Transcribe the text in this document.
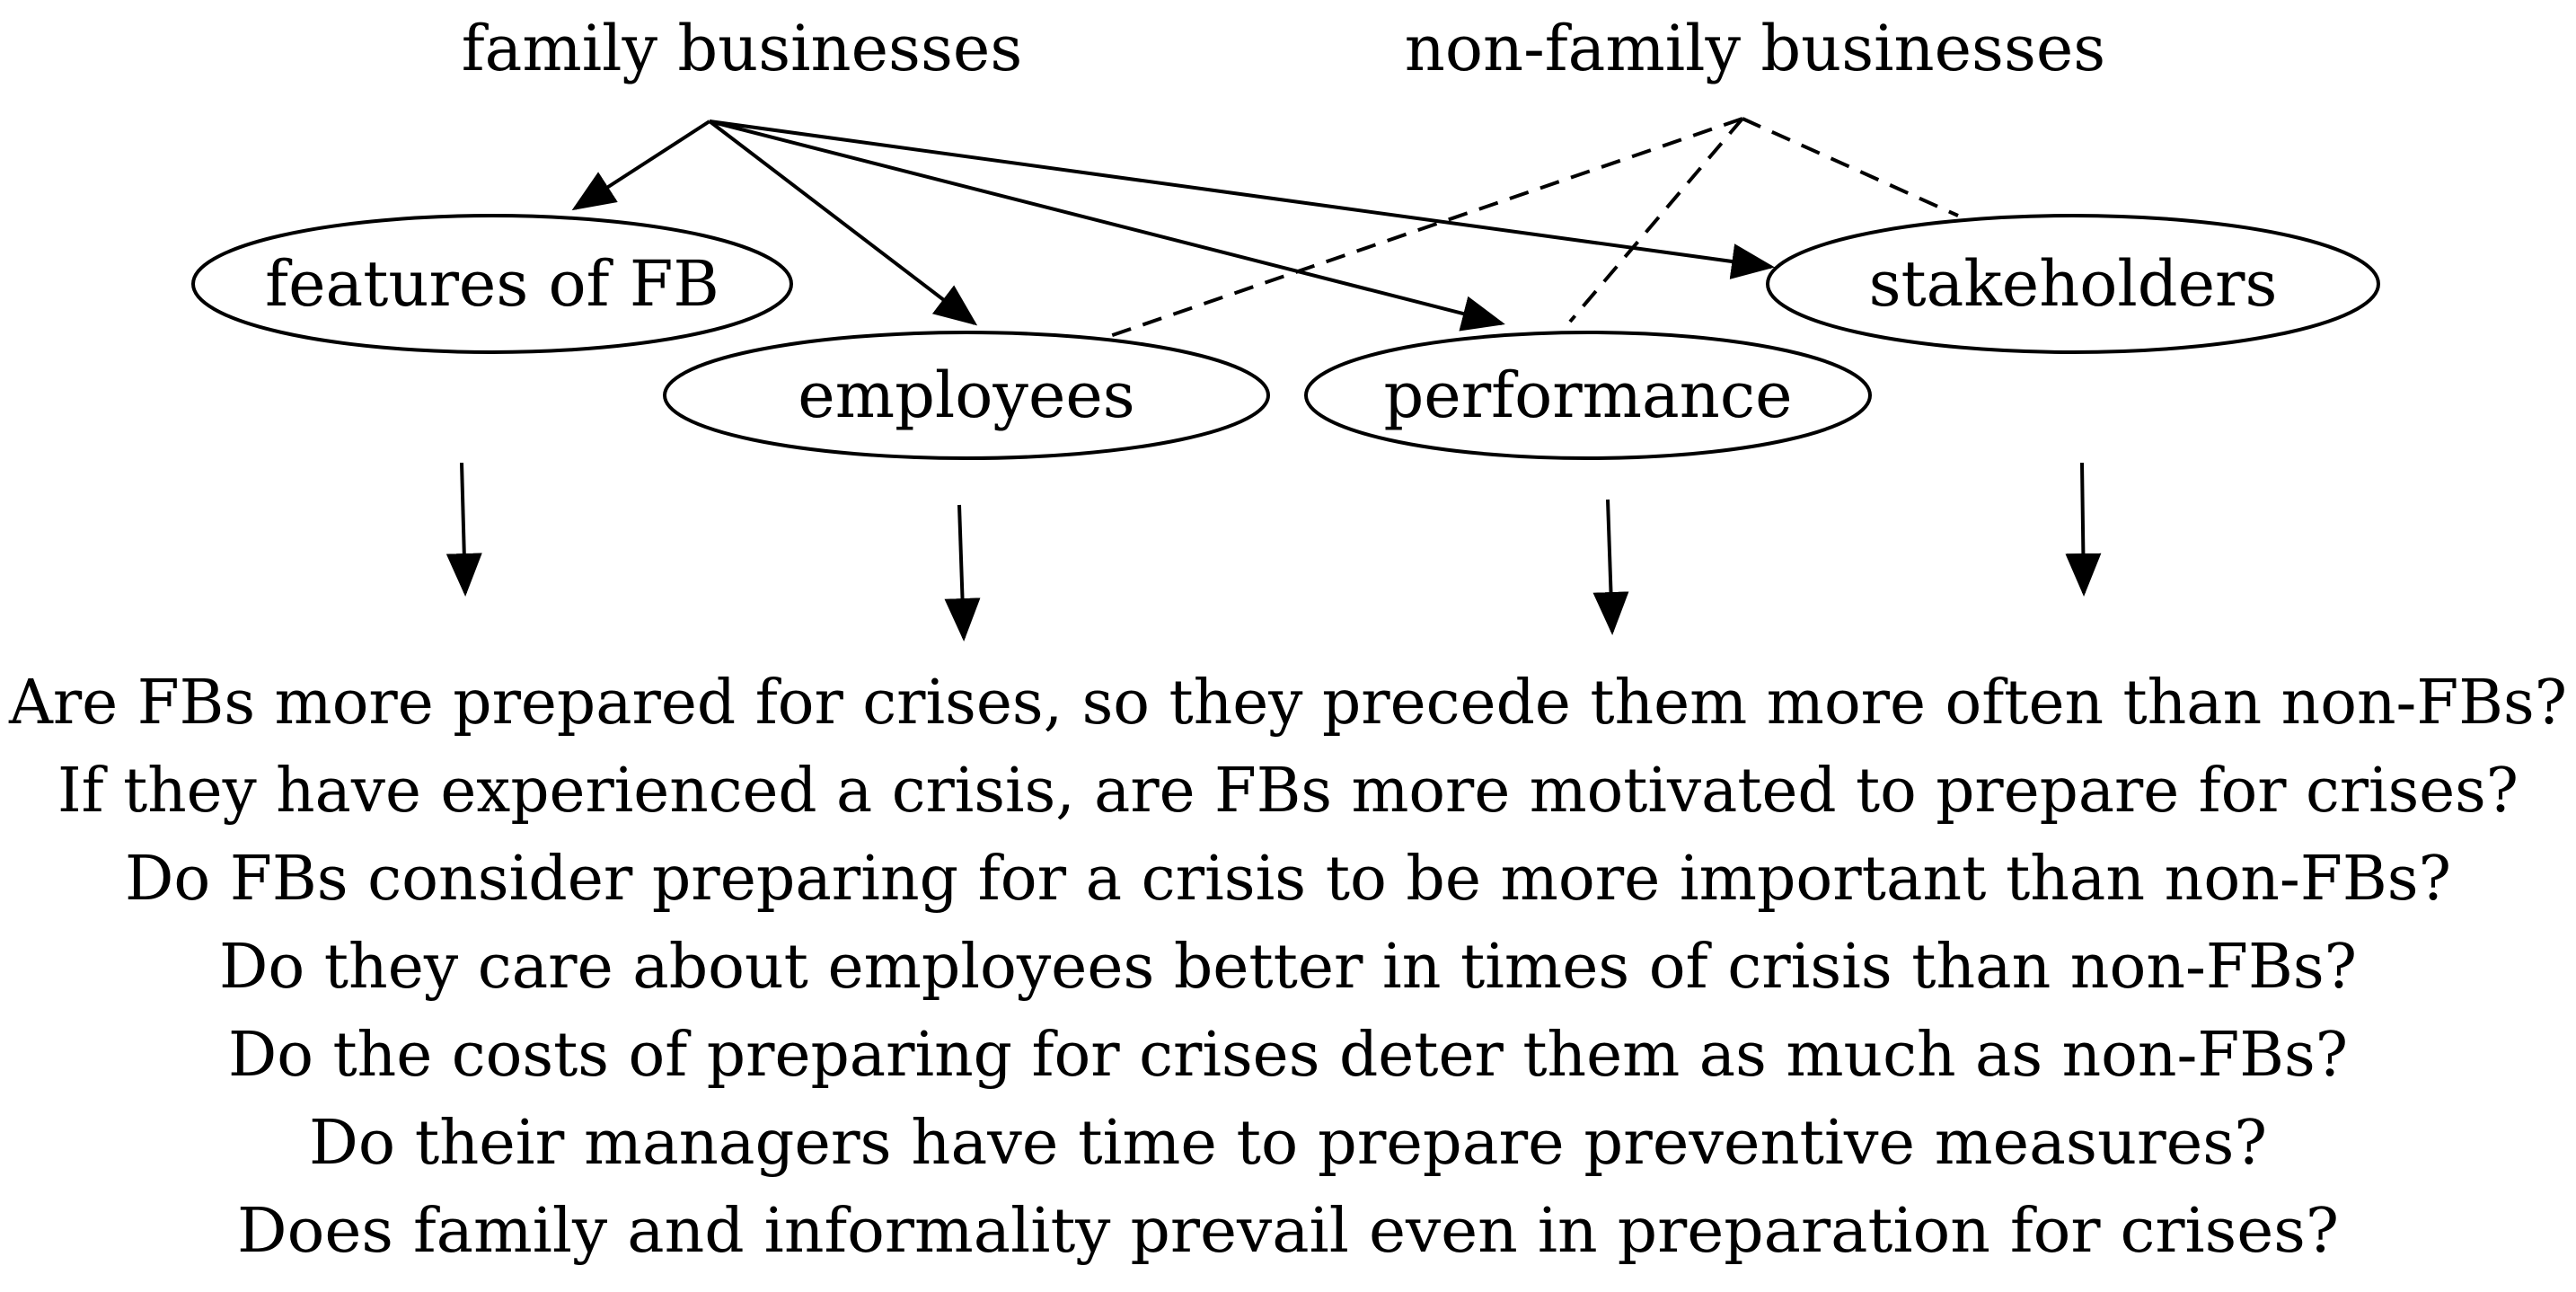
family businesses	non-family businesses
features of FB
employees	performance
stakeholders
Are FBs more prepared for crises, so they precede them more often than non-FBs?
If they have experienced a crisis, are FBs more motivated to prepare for crises?
Do FBs consider preparing for a crisis to be more important than non-FBs?
Do they care about employees better in times of crisis than non-FBs?
Do the costs of preparing for crises deter them as much as non-FBs?
Do their managers have time to prepare preventive measures?
Does family and informality prevail even in preparation for crises?
